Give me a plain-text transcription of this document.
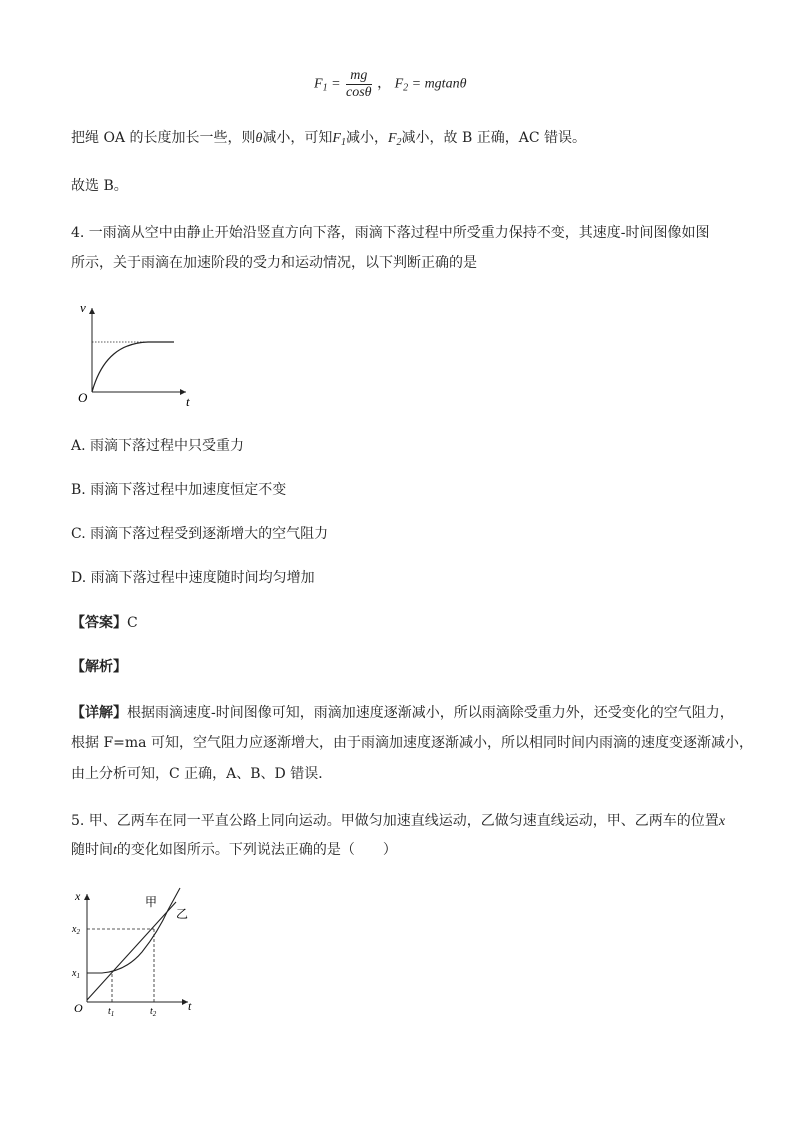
$F_1 = \frac{mg}{\cos\theta}$ ， $F_2 = mgtan\theta$
把绳 OA 的长度加长一些，则θ减小，可知$F_1$减小，$F_2$减小，故 B 正确，AC 错误。
故选 B。
4. 一雨滴从空中由静止开始沿竖直方向下落，雨滴下落过程中所受重力保持不变，其速度-时间图像如图
所示，关于雨滴在加速阶段的受力和运动情况，以下判断正确的是
v
t
O
A. 雨滴下落过程中只受重力
B. 雨滴下落过程中加速度恒定不变
C. 雨滴下落过程受到逐渐增大的空气阻力
D. 雨滴下落过程中速度随时间均匀增加
【答案】C
【解析】
【详解】根据雨滴速度-时间图像可知，雨滴加速度逐渐减小，所以雨滴除受重力外，还受变化的空气阻力，
根据 F=ma 可知，空气阻力应逐渐增大，由于雨滴加速度逐渐减小，所以相同时间内雨滴的速度变逐渐减小，
由上分析可知，C 正确，A、B、D 错误．
5. 甲、乙两车在同一平直公路上同向运动。甲做匀加速直线运动，乙做匀速直线运动，甲、乙两车的位置x
随时间t的变化如图所示。下列说法正确的是（　　）
x
t
O
$x_2$
$x_1$
$t_1$	$t_2$
甲
乙
